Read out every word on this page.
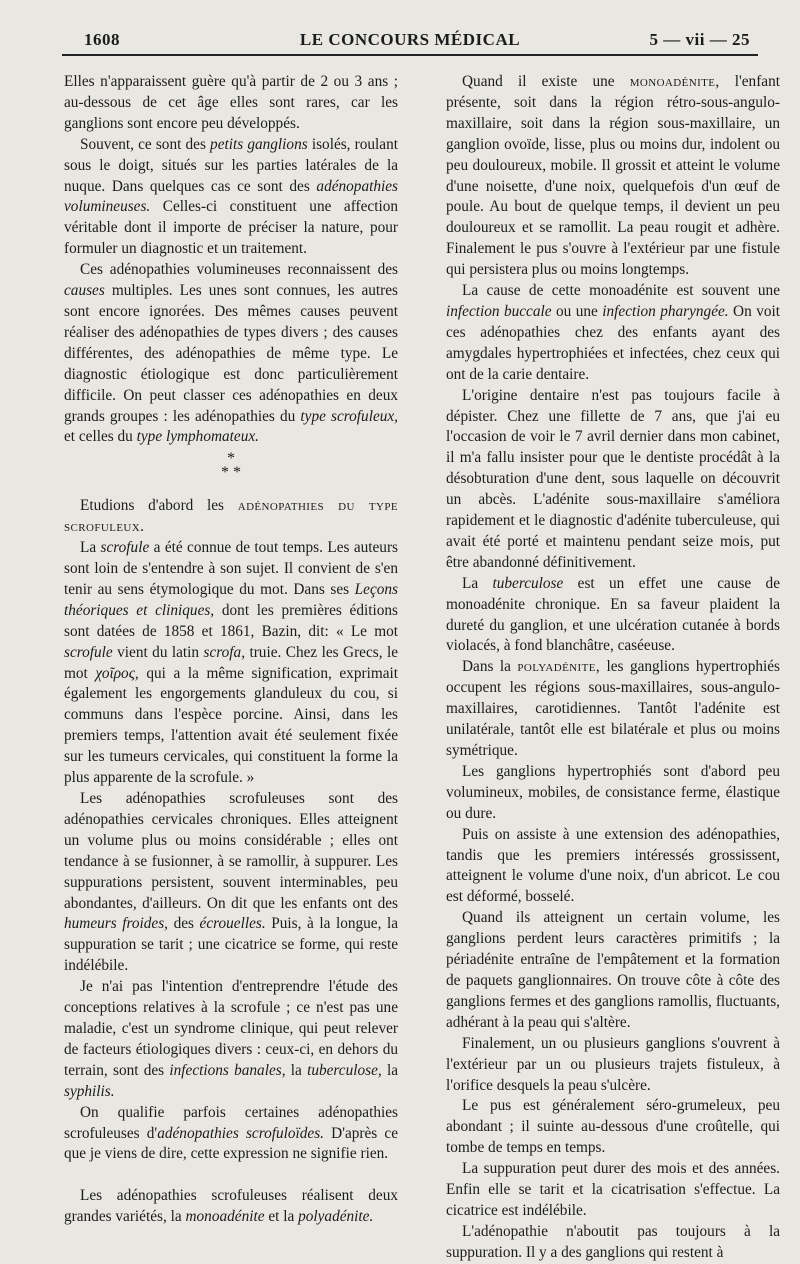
1608	LE CONCOURS MÉDICAL	5 — vii — 25

Elles n'apparaissent guère qu'à partir de 2 ou 3 ans ; au-dessous de cet âge elles sont rares, car les ganglions sont encore peu développés.

Souvent, ce sont des petits ganglions isolés, roulant sous le doigt, situés sur les parties latérales de la nuque. Dans quelques cas ce sont des adénopathies volumineuses. Celles-ci constituent une affection véritable dont il importe de préciser la nature, pour formuler un diagnostic et un traitement.

Ces adénopathies volumineuses reconnaissent des causes multiples. Les unes sont connues, les autres sont encore ignorées. Des mêmes causes peuvent réaliser des adénopathies de types divers ; des causes différentes, des adénopathies de même type. Le diagnostic étiologique est donc particulièrement difficile. On peut classer ces adénopathies en deux grands groupes : les adénopathies du type scrofuleux, et celles du type lymphomateux.

*
* *

Etudions d'abord les adénopathies du type scrofuleux.

La scrofule a été connue de tout temps. Les auteurs sont loin de s'entendre à son sujet. Il convient de s'en tenir au sens étymologique du mot. Dans ses Leçons théoriques et cliniques, dont les premières éditions sont datées de 1858 et 1861, Bazin, dit: « Le mot scrofule vient du latin scrofa, truie. Chez les Grecs, le mot χοῖρος, qui a la même signification, exprimait également les engorgements glanduleux du cou, si communs dans l'espèce porcine. Ainsi, dans les premiers temps, l'attention avait été seulement fixée sur les tumeurs cervicales, qui constituent la forme la plus apparente de la scrofule. »

Les adénopathies scrofuleuses sont des adénopathies cervicales chroniques. Elles atteignent un volume plus ou moins considérable ; elles ont tendance à se fusionner, à se ramollir, à suppurer. Les suppurations persistent, souvent interminables, peu abondantes, d'ailleurs. On dit que les enfants ont des humeurs froides, des écrouelles. Puis, à la longue, la suppuration se tarit ; une cicatrice se forme, qui reste indélébile.

Je n'ai pas l'intention d'entreprendre l'étude des conceptions relatives à la scrofule ; ce n'est pas une maladie, c'est un syndrome clinique, qui peut relever de facteurs étiologiques divers : ceux-ci, en dehors du terrain, sont des infections banales, la tuberculose, la syphilis.

On qualifie parfois certaines adénopathies scrofuleuses d'adénopathies scrofuloïdes. D'après ce que je viens de dire, cette expression ne signifie rien.

Les adénopathies scrofuleuses réalisent deux grandes variétés, la monoadénite et la polyadénite.

Quand il existe une monoadénite, l'enfant présente, soit dans la région rétro-sous-angulo-maxillaire, soit dans la région sous-maxillaire, un ganglion ovoïde, lisse, plus ou moins dur, indolent ou peu douloureux, mobile. Il grossit et atteint le volume d'une noisette, d'une noix, quelquefois d'un œuf de poule. Au bout de quelque temps, il devient un peu douloureux et se ramollit. La peau rougit et adhère. Finalement le pus s'ouvre à l'extérieur par une fistule qui persistera plus ou moins longtemps.

La cause de cette monoadénite est souvent une infection buccale ou une infection pharyngée. On voit ces adénopathies chez des enfants ayant des amygdales hypertrophiées et infectées, chez ceux qui ont de la carie dentaire.

L'origine dentaire n'est pas toujours facile à dépister. Chez une fillette de 7 ans, que j'ai eu l'occasion de voir le 7 avril dernier dans mon cabinet, il m'a fallu insister pour que le dentiste procédât à la désobturation d'une dent, sous laquelle on découvrit un abcès. L'adénite sous-maxillaire s'améliora rapidement et le diagnostic d'adénite tuberculeuse, qui avait été porté et maintenu pendant seize mois, put être abandonné définitivement.

La tuberculose est un effet une cause de monoadénite chronique. En sa faveur plaident la dureté du ganglion, et une ulcération cutanée à bords violacés, à fond blanchâtre, caséeuse.

Dans la polyadénite, les ganglions hypertrophiés occupent les régions sous-maxillaires, sous-angulo-maxillaires, carotidiennes. Tantôt l'adénite est unilatérale, tantôt elle est bilatérale et plus ou moins symétrique.

Les ganglions hypertrophiés sont d'abord peu volumineux, mobiles, de consistance ferme, élastique ou dure.

Puis on assiste à une extension des adénopathies, tandis que les premiers intéressés grossissent, atteignent le volume d'une noix, d'un abricot. Le cou est déformé, bosselé.

Quand ils atteignent un certain volume, les ganglions perdent leurs caractères primitifs ; la périadénite entraîne de l'empâtement et la formation de paquets ganglionnaires. On trouve côte à côte des ganglions fermes et des ganglions ramollis, fluctuants, adhérant à la peau qui s'altère.

Finalement, un ou plusieurs ganglions s'ouvrent à l'extérieur par un ou plusieurs trajets fistuleux, à l'orifice desquels la peau s'ulcère.

Le pus est généralement séro-grumeleux, peu abondant ; il suinte au-dessous d'une croûtelle, qui tombe de temps en temps.

La suppuration peut durer des mois et des années. Enfin elle se tarit et la cicatrisation s'effectue. La cicatrice est indélébile.

L'adénopathie n'aboutit pas toujours à la suppuration. Il y a des ganglions qui restent à
